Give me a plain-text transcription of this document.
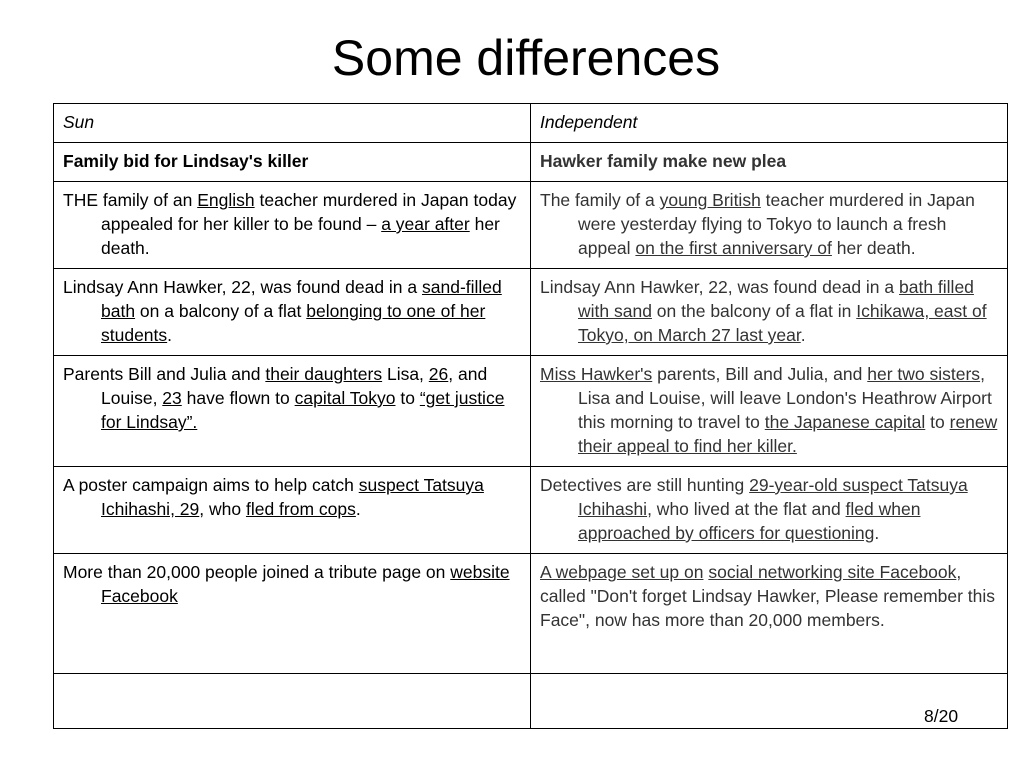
Some differences
Sun	Independent
Family bid for Lindsay's killer	Hawker family make new plea

THE family of an English teacher murdered in Japan today appealed for her killer to be found – a year after her death.	The family of a young British teacher murdered in Japan were yesterday flying to Tokyo to launch a fresh appeal on the first anniversary of her death.

Lindsay Ann Hawker, 22, was found dead in a sand-filled bath on a balcony of a flat belonging to one of her students.	Lindsay Ann Hawker, 22, was found dead in a bath filled with sand on the balcony of a flat in Ichikawa, east of Tokyo, on March 27 last year.

Parents Bill and Julia and their daughters Lisa, 26, and Louise, 23 have flown to capital Tokyo to “get justice for Lindsay”.	Miss Hawker's parents, Bill and Julia, and her two sisters, Lisa and Louise, will leave London's Heathrow Airport this morning to travel to the Japanese capital to renew their appeal to find her killer.

A poster campaign aims to help catch suspect Tatsuya Ichihashi, 29, who fled from cops.	Detectives are still hunting 29-year-old suspect Tatsuya Ichihashi, who lived at the flat and fled when approached by officers for questioning.

More than 20,000 people joined a tribute page on website Facebook	A webpage set up on social networking site Facebook, called "Don't forget Lindsay Hawker, Please remember this Face", now has more than 20,000 members.

8/20
